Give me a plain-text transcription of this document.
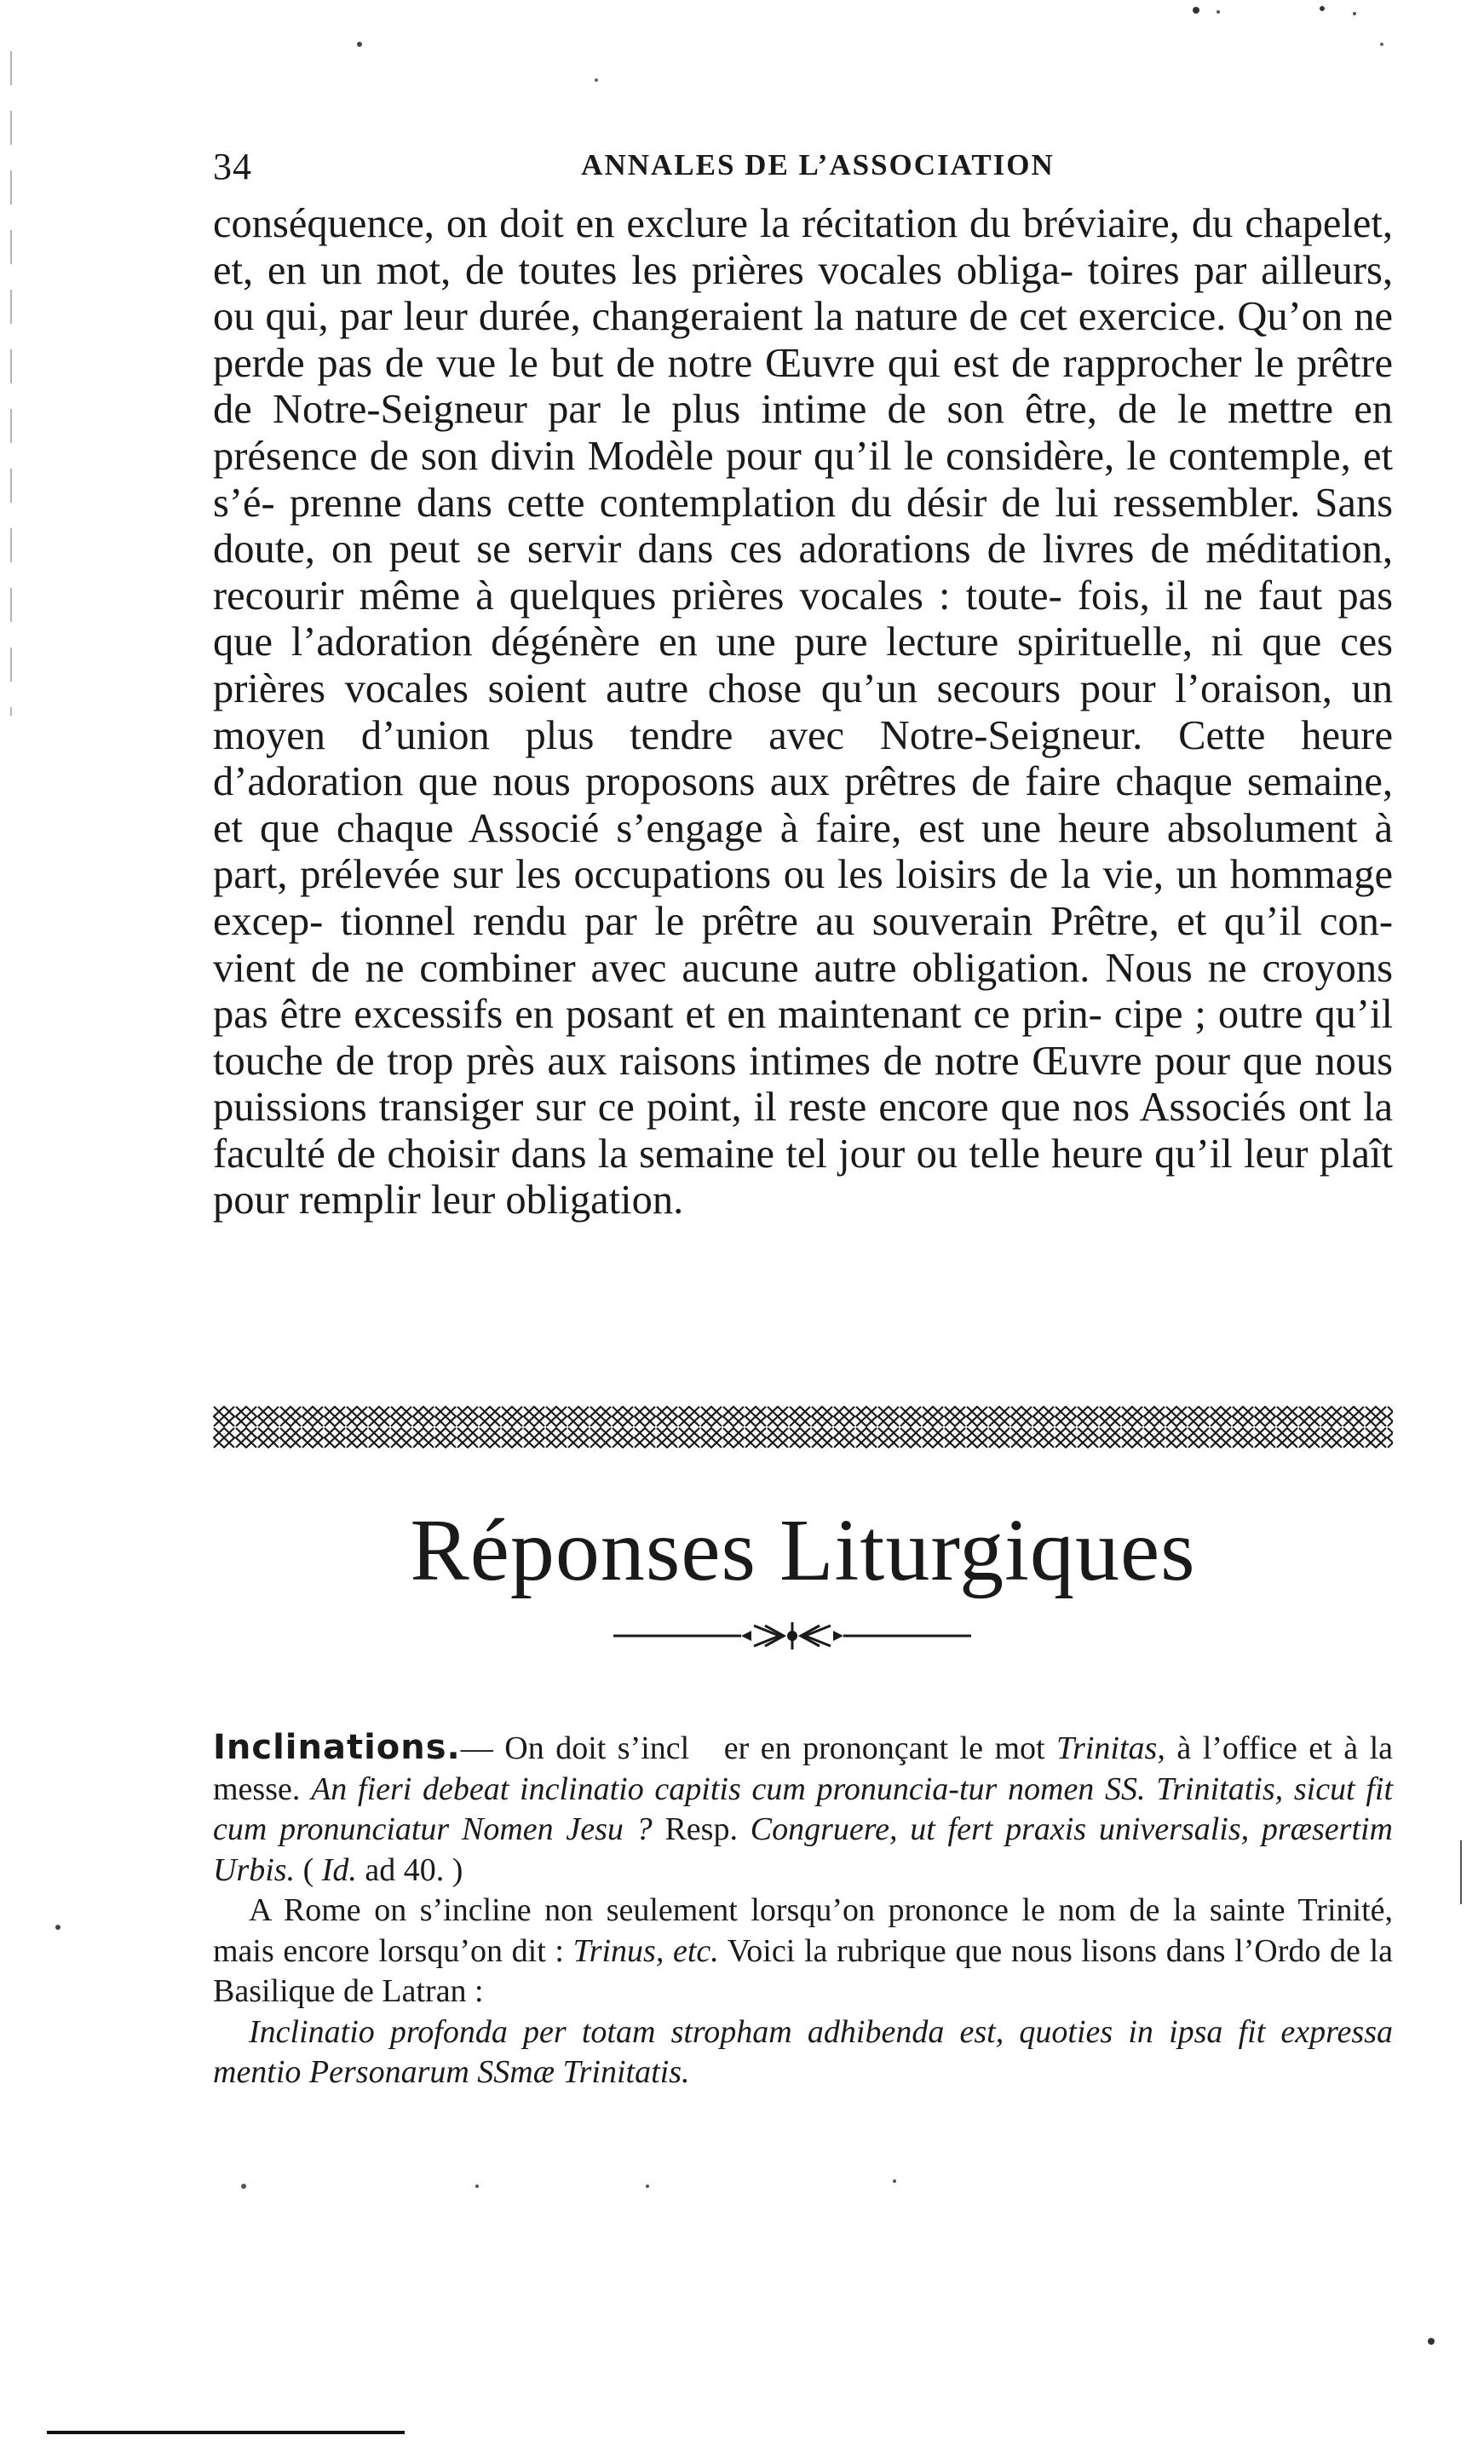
34	ANNALES DE L’ASSOCIATION

conséquence, on doit en exclure la récitation du bréviaire, du chapelet, et, en un mot, de toutes les prières vocales obliga- toires par ailleurs, ou qui, par leur durée, changeraient la nature de cet exercice. Qu’on ne perde pas de vue le but de notre Œuvre qui est de rapprocher le prêtre de Notre-Seigneur par le plus intime de son être, de le mettre en présence de son divin Modèle pour qu’il le considère, le contemple, et s’é- prenne dans cette contemplation du désir de lui ressembler. Sans doute, on peut se servir dans ces adorations de livres de méditation, recourir même à quelques prières vocales : toute- fois, il ne faut pas que l’adoration dégénère en une pure lecture spirituelle, ni que ces prières vocales soient autre chose qu’un secours pour l’oraison, un moyen d’union plus tendre avec Notre-Seigneur. Cette heure d’adoration que nous proposons aux prêtres de faire chaque semaine, et que chaque Associé s’engage à faire, est une heure absolument à part, prélevée sur les occupations ou les loisirs de la vie, un hommage excep- tionnel rendu par le prêtre au souverain Prêtre, et qu’il con- vient de ne combiner avec aucune autre obligation. Nous ne croyons pas être excessifs en posant et en maintenant ce prin- cipe ; outre qu’il touche de trop près aux raisons intimes de notre Œuvre pour que nous puissions transiger sur ce point, il reste encore que nos Associés ont la faculté de choisir dans la semaine tel jour ou telle heure qu’il leur plaît pour remplir leur obligation.

Réponses Liturgiques

Inclinations.— On doit s’incl er en prononçant le mot Trinitas, à l’office et à la messe. An fieri debeat inclinatio capitis cum pronuncia-tur nomen SS. Trinitatis, sicut fit cum pronunciatur Nomen Jesu ? Resp. Congruere, ut fert praxis universalis, præsertim Urbis. ( Id. ad 40. )

A Rome on s’incline non seulement lorsqu’on prononce le nom de la sainte Trinité, mais encore lorsqu’on dit : Trinus, etc. Voici la rubrique que nous lisons dans l’Ordo de la Basilique de Latran :

Inclinatio profonda per totam stropham adhibenda est, quoties in ipsa fit expressa mentio Personarum SSmæ Trinitatis.
